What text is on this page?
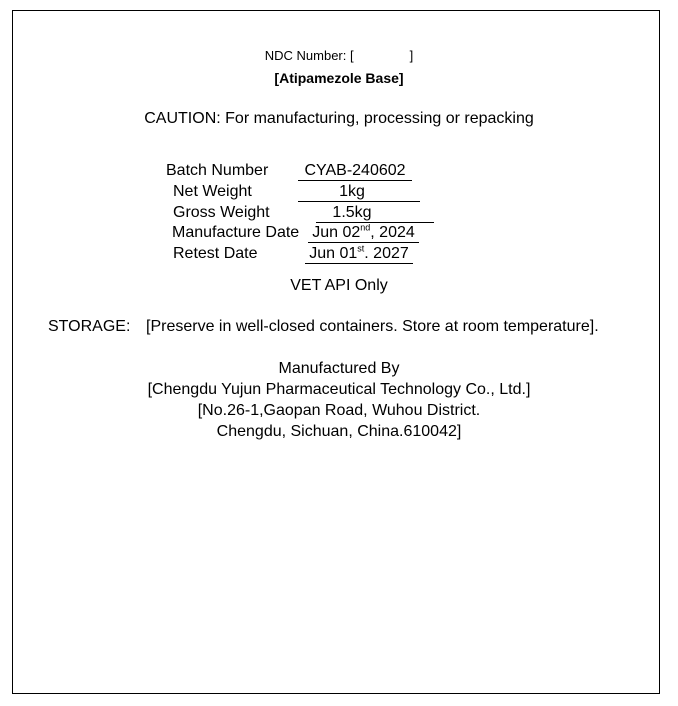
NDC Number: [	]
[Atipamezole Base]
CAUTION: For manufacturing, processing or repacking
Batch Number	CYAB-240602
Net Weight	1kg
Gross Weight	1.5kg
Manufacture Date Jun 02nd, 2024
Retest Date	Jun 01st. 2027
VET API Only
STORAGE: [Preserve in well-closed containers. Store at room temperature].
Manufactured By
[Chengdu Yujun Pharmaceutical Technology Co., Ltd.]
[No.26-1,Gaopan Road, Wuhou District.
Chengdu, Sichuan, China.610042]
